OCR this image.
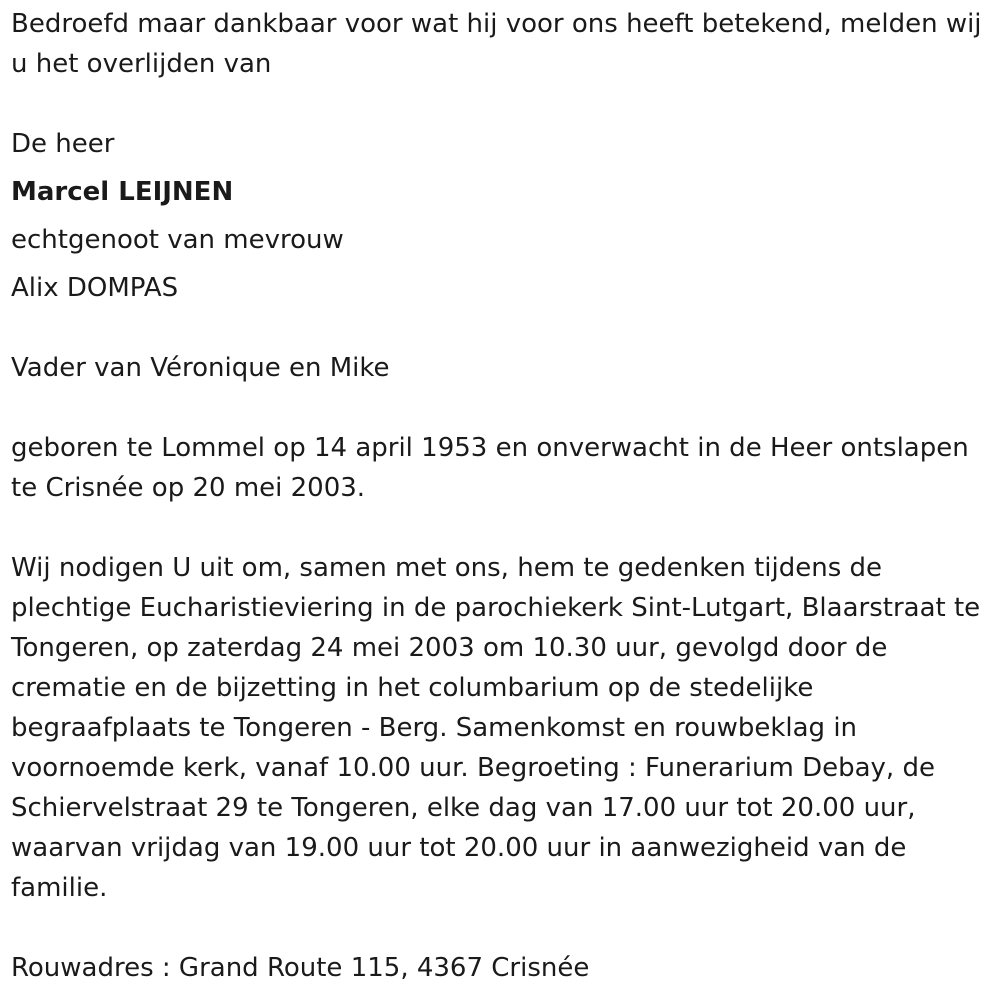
Bedroefd maar dankbaar voor wat hij voor ons heeft betekend, melden wij u het overlijden van

De heer

Marcel LEIJNEN

echtgenoot van mevrouw

Alix DOMPAS

Vader van Véronique en Mike

geboren te Lommel op 14 april 1953 en onverwacht in de Heer ontslapen te Crisnée op 20 mei 2003.

Wij nodigen U uit om, samen met ons, hem te gedenken tijdens de plechtige Eucharistieviering in de parochiekerk Sint-Lutgart, Blaarstraat te Tongeren, op zaterdag 24 mei 2003 om 10.30 uur, gevolgd door de crematie en de bijzetting in het columbarium op de stedelijke begraafplaats te Tongeren - Berg. Samenkomst en rouwbeklag in voornoemde kerk, vanaf 10.00 uur. Begroeting : Funerarium Debay, de Schiervelstraat 29 te Tongeren, elke dag van 17.00 uur tot 20.00 uur, waarvan vrijdag van 19.00 uur tot 20.00 uur in aanwezigheid van de familie.

Rouwadres : Grand Route 115, 4367 Crisnée
